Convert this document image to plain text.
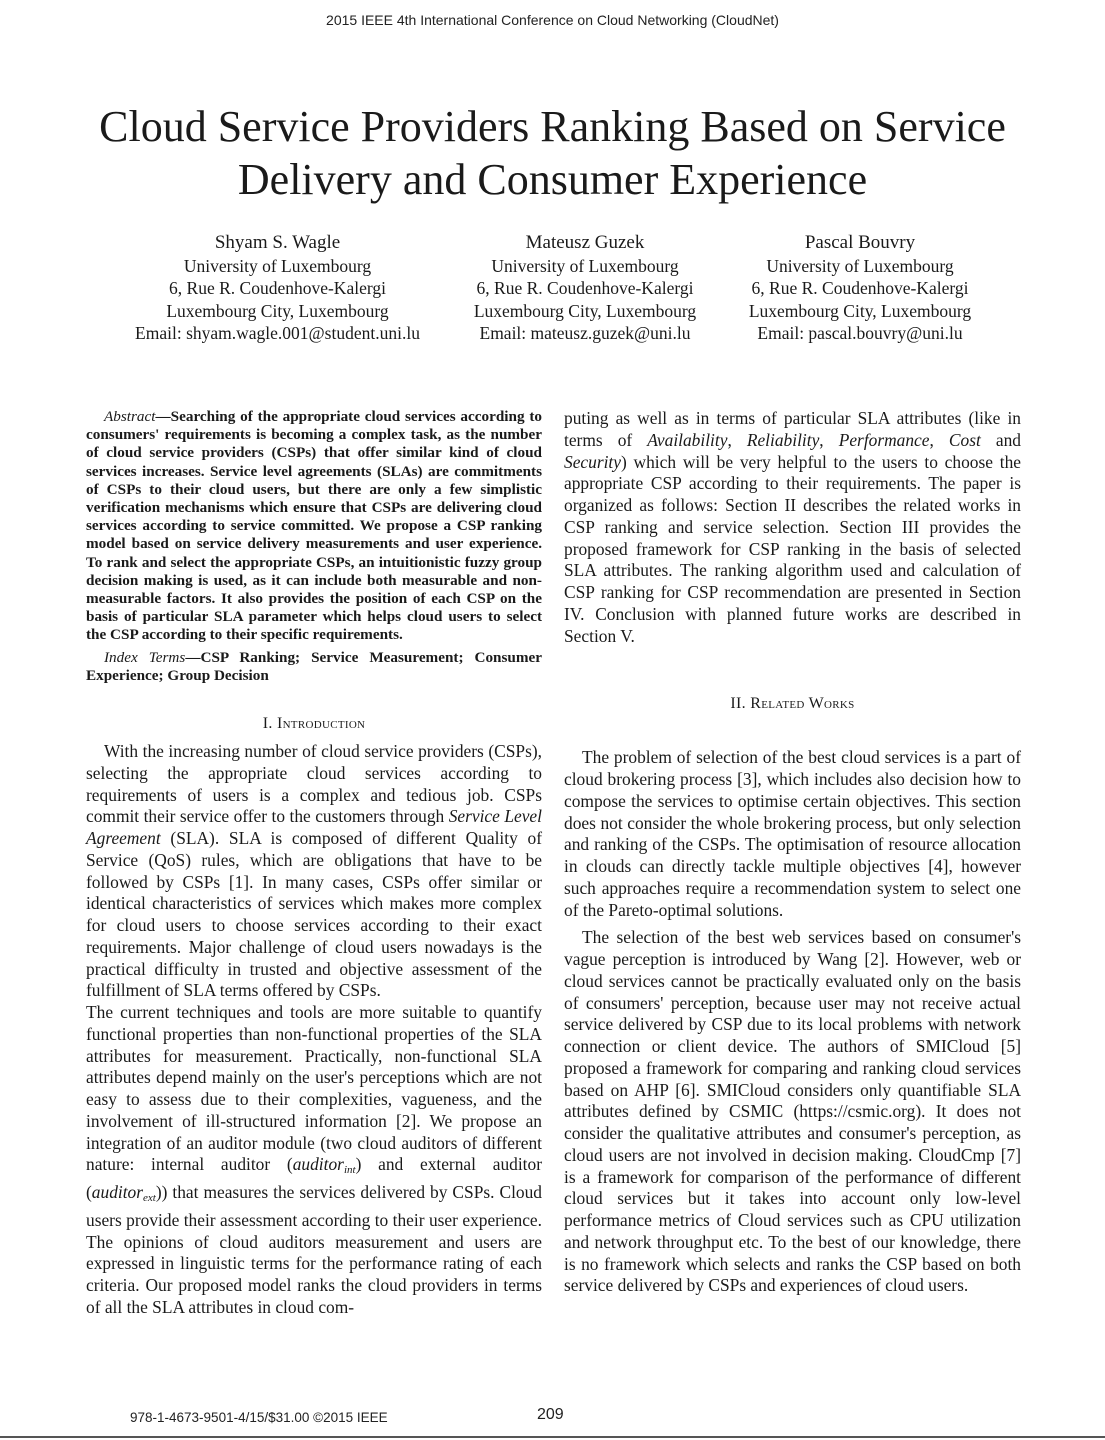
2015 IEEE 4th International Conference on Cloud Networking (CloudNet)
Cloud Service Providers Ranking Based on Service Delivery and Consumer Experience
Shyam S. Wagle
University of Luxembourg
6, Rue R. Coudenhove-Kalergi
Luxembourg City, Luxembourg
Email: shyam.wagle.001@student.uni.lu
Mateusz Guzek
University of Luxembourg
6, Rue R. Coudenhove-Kalergi
Luxembourg City, Luxembourg
Email: mateusz.guzek@uni.lu
Pascal Bouvry
University of Luxembourg
6, Rue R. Coudenhove-Kalergi
Luxembourg City, Luxembourg
Email: pascal.bouvry@uni.lu

Abstract—Searching of the appropriate cloud services according to consumers' requirements is becoming a complex task, as the number of cloud service providers (CSPs) that offer similar kind of cloud services increases. Service level agreements (SLAs) are commitments of CSPs to their cloud users, but there are only a few simplistic verification mechanisms which ensure that CSPs are delivering cloud services according to service committed. We propose a CSP ranking model based on service delivery measurements and user experience. To rank and select the appropriate CSPs, an intuitionistic fuzzy group decision making is used, as it can include both measurable and non-measurable factors. It also provides the position of each CSP on the basis of particular SLA parameter which helps cloud users to select the CSP according to their specific requirements.

Index Terms—CSP Ranking; Service Measurement; Consumer Experience; Group Decision

I. Introduction

With the increasing number of cloud service providers (CSPs), selecting the appropriate cloud services according to requirements of users is a complex and tedious job. CSPs commit their service offer to the customers through Service Level Agreement (SLA). SLA is composed of different Quality of Service (QoS) rules, which are obligations that have to be followed by CSPs [1]. In many cases, CSPs offer similar or identical characteristics of services which makes more complex for cloud users to choose services according to their exact requirements. Major challenge of cloud users nowadays is the practical difficulty in trusted and objective assessment of the fulfillment of SLA terms offered by CSPs.

The current techniques and tools are more suitable to quantify functional properties than non-functional properties of the SLA attributes for measurement. Practically, non-functional SLA attributes depend mainly on the user's perceptions which are not easy to assess due to their complexities, vagueness, and the involvement of ill-structured information [2]. We propose an integration of an auditor module (two cloud auditors of different nature: internal auditor (auditor$_{int}$) and external auditor (auditor$_{ext}$)) that measures the services delivered by CSPs. Cloud users provide their assessment according to their user experience. The opinions of cloud auditors measurement and users are expressed in linguistic terms for the performance rating of each criteria. Our proposed model ranks the cloud providers in terms of all the SLA attributes in cloud com-

puting as well as in terms of particular SLA attributes (like in terms of Availability, Reliability, Performance, Cost and Security) which will be very helpful to the users to choose the appropriate CSP according to their requirements. The paper is organized as follows: Section II describes the related works in CSP ranking and service selection. Section III provides the proposed framework for CSP ranking in the basis of selected SLA attributes. The ranking algorithm used and calculation of CSP ranking for CSP recommendation are presented in Section IV. Conclusion with planned future works are described in Section V.

II. Related Works

The problem of selection of the best cloud services is a part of cloud brokering process [3], which includes also decision how to compose the services to optimise certain objectives. This section does not consider the whole brokering process, but only selection and ranking of the CSPs. The optimisation of resource allocation in clouds can directly tackle multiple objectives [4], however such approaches require a recommendation system to select one of the Pareto-optimal solutions.

The selection of the best web services based on consumer's vague perception is introduced by Wang [2]. However, web or cloud services cannot be practically evaluated only on the basis of consumers' perception, because user may not receive actual service delivered by CSP due to its local problems with network connection or client device. The authors of SMICloud [5] proposed a framework for comparing and ranking cloud services based on AHP [6]. SMICloud considers only quantifiable SLA attributes defined by CSMIC (https://csmic.org). It does not consider the qualitative attributes and consumer's perception, as cloud users are not involved in decision making. CloudCmp [7] is a framework for comparison of the performance of different cloud services but it takes into account only low-level performance metrics of Cloud services such as CPU utilization and network throughput etc. To the best of our knowledge, there is no framework which selects and ranks the CSP based on both service delivered by CSPs and experiences of cloud users.

978-1-4673-9501-4/15/$31.00 ©2015 IEEE	209
